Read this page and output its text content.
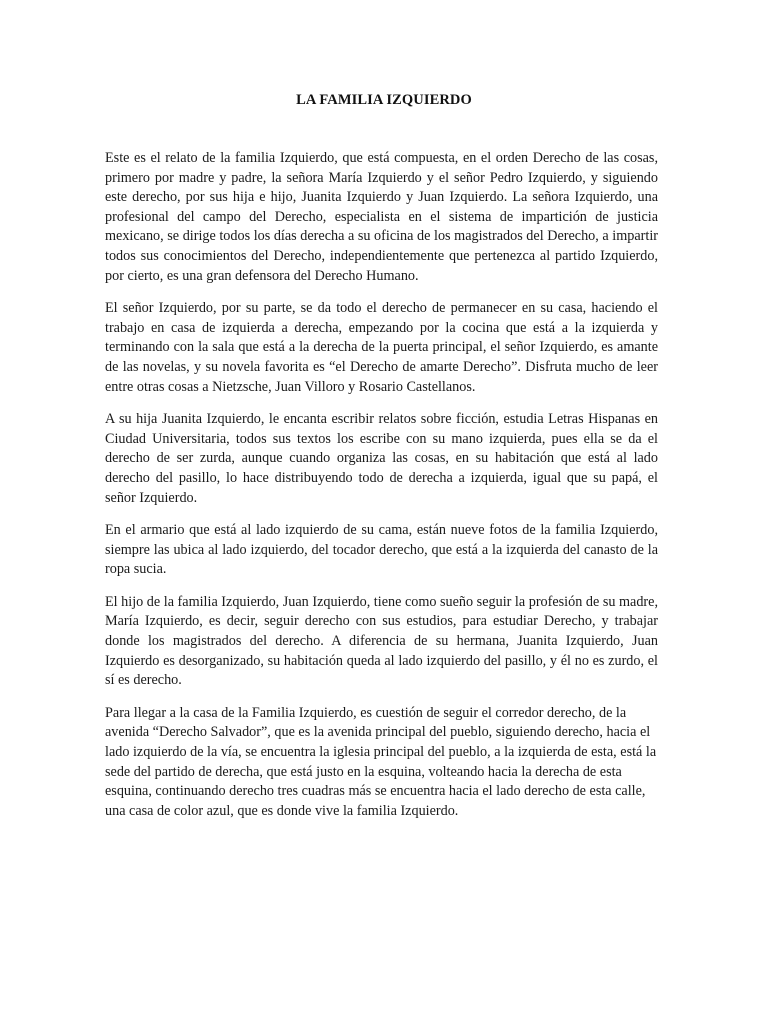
LA FAMILIA IZQUIERDO

Este es el relato de la familia Izquierdo, que está compuesta, en el orden Derecho de las cosas, primero por madre y padre, la señora María Izquierdo y el señor Pedro Izquierdo, y siguiendo este derecho, por sus hija e hijo, Juanita Izquierdo y Juan Izquierdo. La señora Izquierdo, una profesional del campo del Derecho, especialista en el sistema de impartición de justicia mexicano, se dirige todos los días derecha a su oficina de los magistrados del Derecho, a impartir todos sus conocimientos del Derecho, independientemente que pertenezca al partido Izquierdo, por cierto, es una gran defensora del Derecho Humano.

El señor Izquierdo, por su parte, se da todo el derecho de permanecer en su casa, haciendo el trabajo en casa de izquierda a derecha, empezando por la cocina que está a la izquierda y terminando con la sala que está a la derecha de la puerta principal, el señor Izquierdo, es amante de las novelas, y su novela favorita es “el Derecho de amarte Derecho”. Disfruta mucho de leer entre otras cosas a Nietzsche, Juan Villoro y Rosario Castellanos.

A su hija Juanita Izquierdo, le encanta escribir relatos sobre ficción, estudia Letras Hispanas en Ciudad Universitaria, todos sus textos los escribe con su mano izquierda, pues ella se da el derecho de ser zurda, aunque cuando organiza las cosas, en su habitación que está al lado derecho del pasillo, lo hace distribuyendo todo de derecha a izquierda, igual que su papá, el señor Izquierdo.

En el armario que está al lado izquierdo de su cama, están nueve fotos de la familia Izquierdo, siempre las ubica al lado izquierdo, del tocador derecho, que está a la izquierda del canasto de la ropa sucia.

El hijo de la familia Izquierdo, Juan Izquierdo, tiene como sueño seguir la profesión de su madre, María Izquierdo, es decir, seguir derecho con sus estudios, para estudiar Derecho, y trabajar donde los magistrados del derecho. A diferencia de su hermana, Juanita Izquierdo, Juan Izquierdo es desorganizado, su habitación queda al lado izquierdo del pasillo, y él no es zurdo, el sí es derecho.

Para llegar a la casa de la Familia Izquierdo, es cuestión de seguir el corredor derecho, de la avenida “Derecho Salvador”, que es la avenida principal del pueblo, siguiendo derecho, hacia el lado izquierdo de la vía, se encuentra la iglesia principal del pueblo, a la izquierda de esta, está la sede del partido de derecha, que está justo en la esquina, volteando hacia la derecha de esta esquina, continuando derecho tres cuadras más se encuentra hacia el lado derecho de esta calle, una casa de color azul, que es donde vive la familia Izquierdo.
